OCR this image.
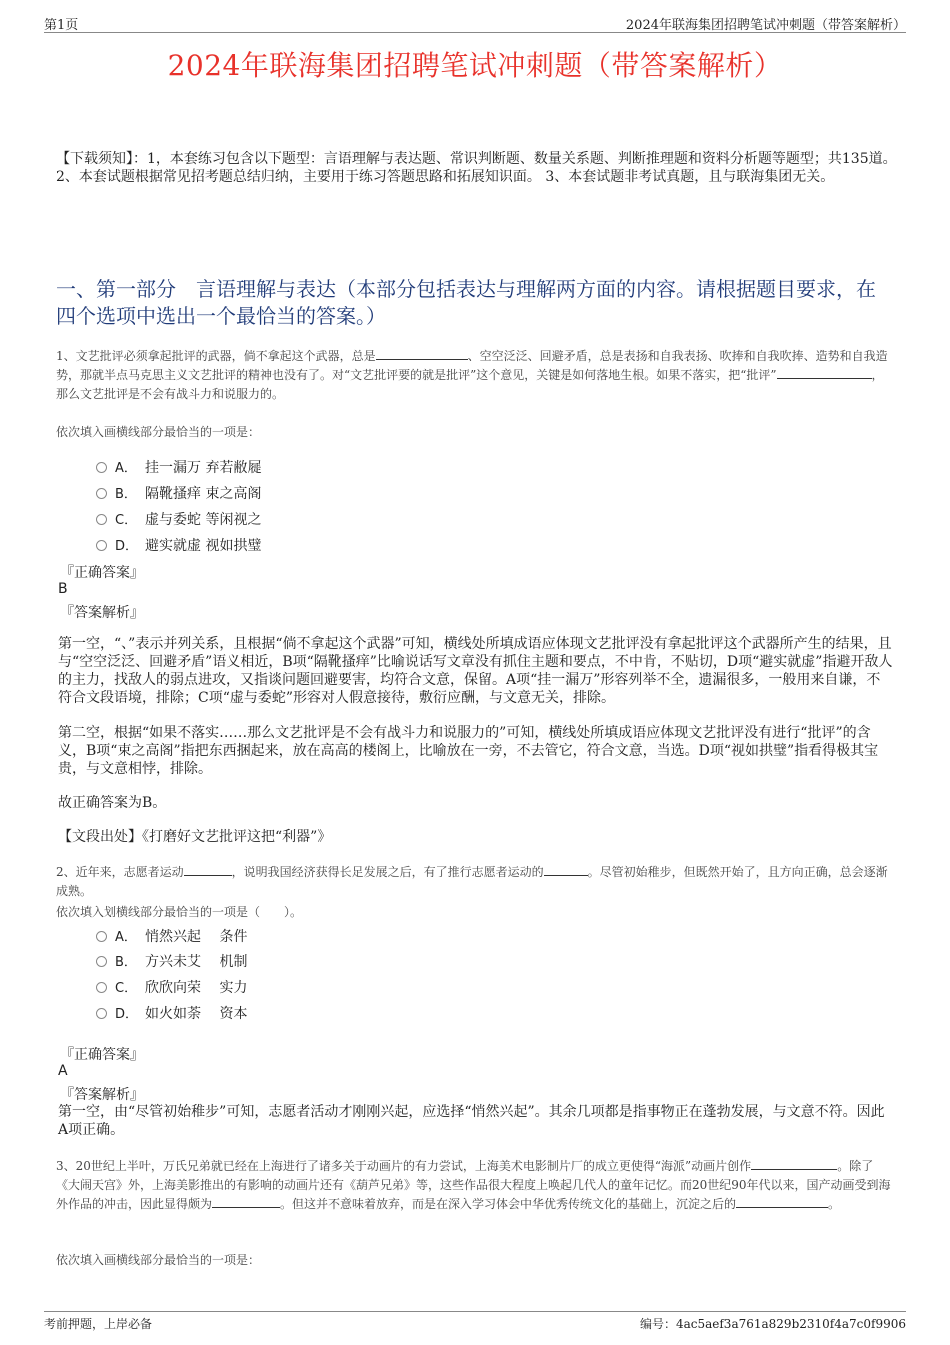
第1页	2024年联海集团招聘笔试冲刺题（带答案解析）
2024年联海集团招聘笔试冲刺题（带答案解析）
【下载须知】：1，本套练习包含以下题型：言语理解与表达题、常识判断题、数量关系题、判断推理题和资料分析题等题型；共135道。 2、本套试题根据常见招考题总结归纳，主要用于练习答题思路和拓展知识面。 3、本套试题非考试真题，且与联海集团无关。
一、第一部分　言语理解与表达（本部分包括表达与理解两方面的内容。请根据题目要求，在四个选项中选出一个最恰当的答案。）
1、文艺批评必须拿起批评的武器，倘不拿起这个武器，总是	、空空泛泛、回避矛盾，总是表扬和自我表扬、吹捧和自我吹捧、造势和自我造势，那就半点马克思主义文艺批评的精神也没有了。对“文艺批评要的就是批评”这个意见，关键是如何落地生根。如果不落实，把“批评”	，那么文艺批评是不会有战斗力和说服力的。
依次填入画横线部分最恰当的一项是：
A． 挂一漏万 弃若敝屣
B． 隔靴搔痒 束之高阁
C． 虚与委蛇 等闲视之
D． 避实就虚 视如拱璧
『正确答案』
B
『答案解析』
第一空，“、”表示并列关系，且根据“倘不拿起这个武器”可知，横线处所填成语应体现文艺批评没有拿起批评这个武器所产生的结果，且与“空空泛泛、回避矛盾”语义相近，B项“隔靴搔痒”比喻说话写文章没有抓住主题和要点，不中肯，不贴切，D项“避实就虚”指避开敌人的主力，找敌人的弱点进攻，又指谈问题回避要害，均符合文意，保留。A项“挂一漏万”形容列举不全，遗漏很多，一般用来自谦，不符合文段语境，排除；C项“虚与委蛇”形容对人假意接待，敷衍应酬，与文意无关，排除。
第二空，根据“如果不落实……那么文艺批评是不会有战斗力和说服力的”可知，横线处所填成语应体现文艺批评没有进行“批评”的含义，B项“束之高阁”指把东西捆起来，放在高高的楼阁上，比喻放在一旁，不去管它，符合文意，当选。D项“视如拱璧”指看得极其宝贵，与文意相悖，排除。
故正确答案为B。
【文段出处】《打磨好文艺批评这把“利器”》
2、近年来，志愿者运动	，说明我国经济获得长足发展之后，有了推行志愿者运动的	。尽管初始稚步，但既然开始了，且方向正确，总会逐渐成熟。
依次填入划横线部分最恰当的一项是（　　）。
A． 悄然兴起　 条件
B． 方兴未艾　 机制
C． 欣欣向荣　 实力
D． 如火如荼　 资本
『正确答案』
A
『答案解析』
第一空，由“尽管初始稚步”可知，志愿者活动才刚刚兴起，应选择“悄然兴起”。其余几项都是指事物正在蓬勃发展，与文意不符。因此A项正确。
3、20世纪上半叶，万氏兄弟就已经在上海进行了诸多关于动画片的有力尝试，上海美术电影制片厂的成立更使得“海派”动画片创作	。除了《大闹天宫》外，上海美影推出的有影响的动画片还有《葫芦兄弟》等，这些作品很大程度上唤起几代人的童年记忆。而20世纪90年代以来，国产动画受到海外作品的冲击，因此显得颇为	。但这并不意味着放弃，而是在深入学习体会中华优秀传统文化的基础上，沉淀之后的	。
依次填入画横线部分最恰当的一项是：
考前押题，上岸必备	编号：4ac5aef3a761a829b2310f4a7c0f9906
